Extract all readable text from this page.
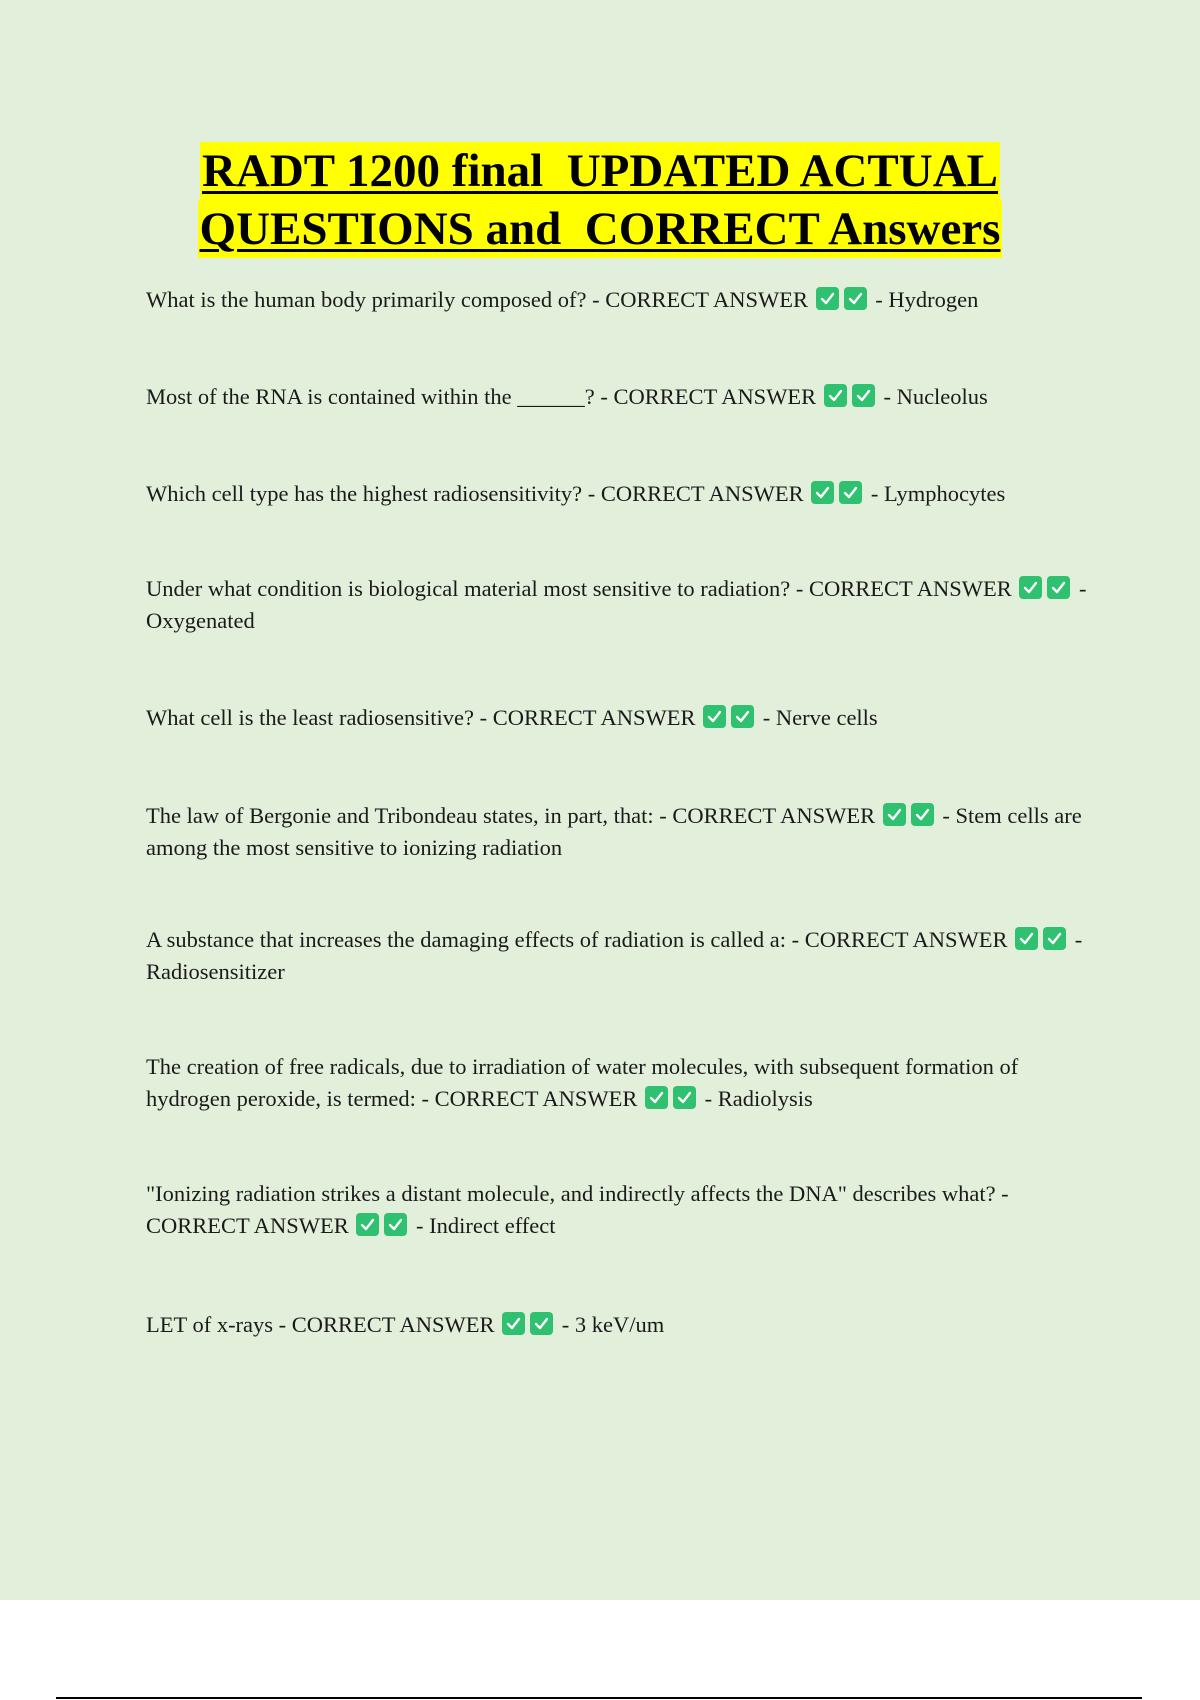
RADT 1200 final  UPDATED ACTUAL
QUESTIONS and  CORRECT Answers
What is the human body primarily composed of? - CORRECT ANSWER
- Hydrogen
Most of the RNA is contained within the ______? - CORRECT ANSWER
- Nucleolus
Which cell type has the highest radiosensitivity? - CORRECT ANSWER
- Lymphocytes
Under what condition is biological material most sensitive to radiation? - CORRECT ANSWER
- Oxygenated
What cell is the least radiosensitive? - CORRECT ANSWER
- Nerve cells
The law of Bergonie and Tribondeau states, in part, that: - CORRECT ANSWER
- Stem cells are among the most sensitive to ionizing radiation
A substance that increases the damaging effects of radiation is called a: - CORRECT ANSWER
- Radiosensitizer
The creation of free radicals, due to irradiation of water molecules, with subsequent formation of hydrogen peroxide, is termed: - CORRECT ANSWER
- Radiolysis
"Ionizing radiation strikes a distant molecule, and indirectly affects the DNA" describes what? - CORRECT ANSWER
- Indirect effect
LET of x-rays - CORRECT ANSWER
- 3 keV/um
